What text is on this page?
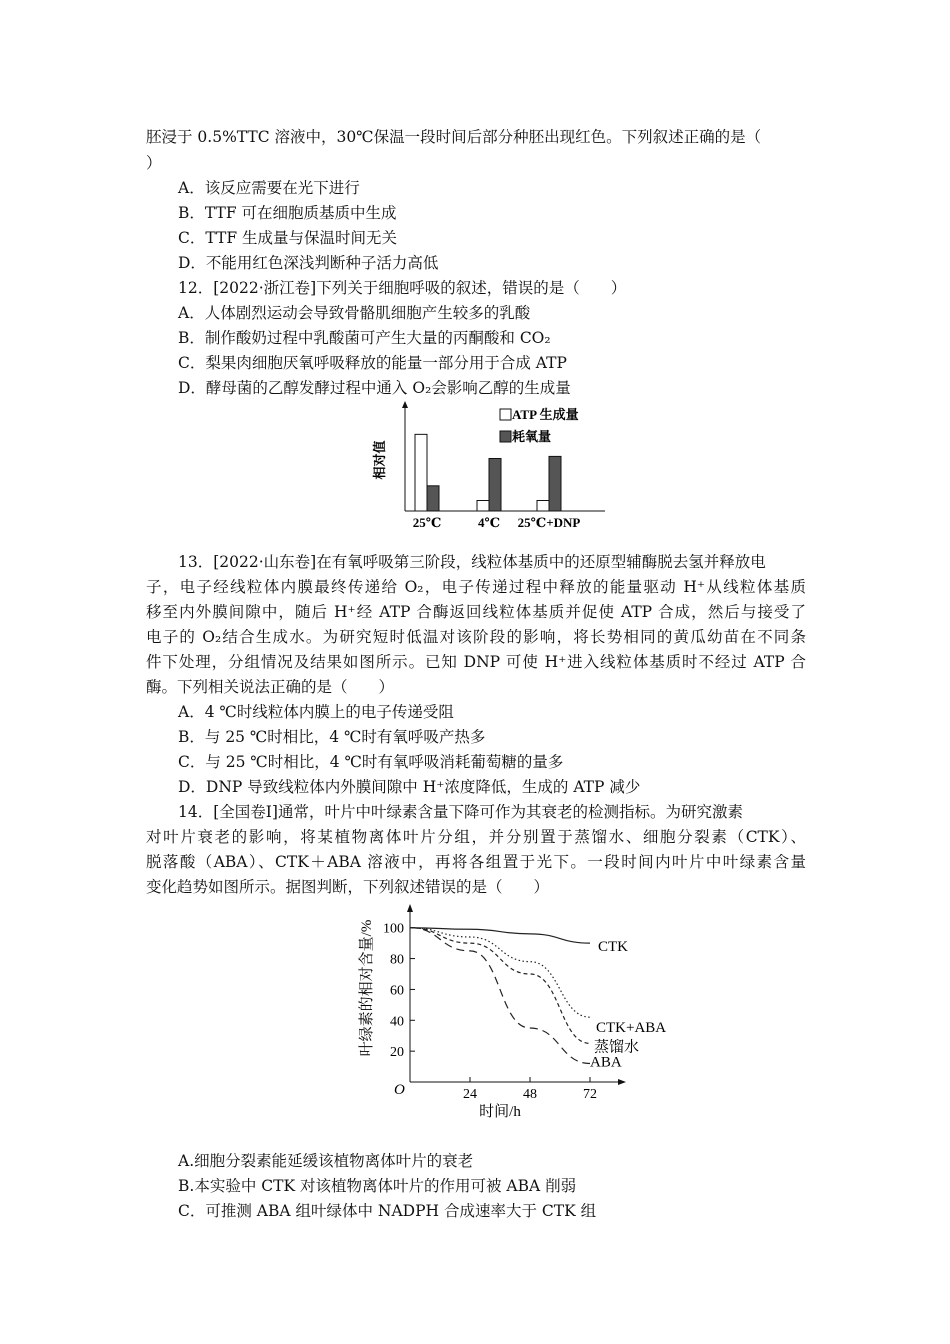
胚浸于 0.5%TTC 溶液中，30℃保温一段时间后部分种胚出现红色。下列叙述正确的是（
）
A．该反应需要在光下进行
B．TTF 可在细胞质基质中生成
C．TTF 生成量与保温时间无关
D．不能用红色深浅判断种子活力高低
12．[2022·浙江卷]下列关于细胞呼吸的叙述，错误的是（　　）
A．人体剧烈运动会导致骨骼肌细胞产生较多的乳酸
B．制作酸奶过程中乳酸菌可产生大量的丙酮酸和 CO₂
C．梨果肉细胞厌氧呼吸释放的能量一部分用于合成 ATP
D．酵母菌的乙醇发酵过程中通入 O₂会影响乙醇的生成量
相对值
ATP 生成量
耗氧量
25℃	4℃ 25℃+DNP
13．[2022·山东卷]在有氧呼吸第三阶段，线粒体基质中的还原型辅酶脱去氢并释放电
子，电子经线粒体内膜最终传递给 O₂，电子传递过程中释放的能量驱动 H⁺从线粒体基质
移至内外膜间隙中，随后 H⁺经 ATP 合酶返回线粒体基质并促使 ATP 合成，然后与接受了
电子的 O₂结合生成水。为研究短时低温对该阶段的影响，将长势相同的黄瓜幼苗在不同条
件下处理，分组情况及结果如图所示。已知 DNP 可使 H⁺进入线粒体基质时不经过 ATP 合
酶。下列相关说法正确的是（　　）
A．4 ℃时线粒体内膜上的电子传递受阻
B．与 25 ℃时相比，4 ℃时有氧呼吸产热多
C．与 25 ℃时相比，4 ℃时有氧呼吸消耗葡萄糖的量多
D．DNP 导致线粒体内外膜间隙中 H⁺浓度降低，生成的 ATP 减少
14．[全国卷Ⅰ]通常，叶片中叶绿素含量下降可作为其衰老的检测指标。为研究激素
对叶片衰老的影响，将某植物离体叶片分组，并分别置于蒸馏水、细胞分裂素（CTK）、
脱落酸（ABA）、CTK＋ABA 溶液中，再将各组置于光下。一段时间内叶片中叶绿素含量
变化趋势如图所示。据图判断，下列叙述错误的是（　　）
O
时间/h
叶绿素的相对含量/% 20
40
60
80
100
24	48	72
CTK
CTK+ABA
蒸馏水
ABA
A.细胞分裂素能延缓该植物离体叶片的衰老
B.本实验中 CTK 对该植物离体叶片的作用可被 ABA 削弱
C．可推测 ABA 组叶绿体中 NADPH 合成速率大于 CTK 组
